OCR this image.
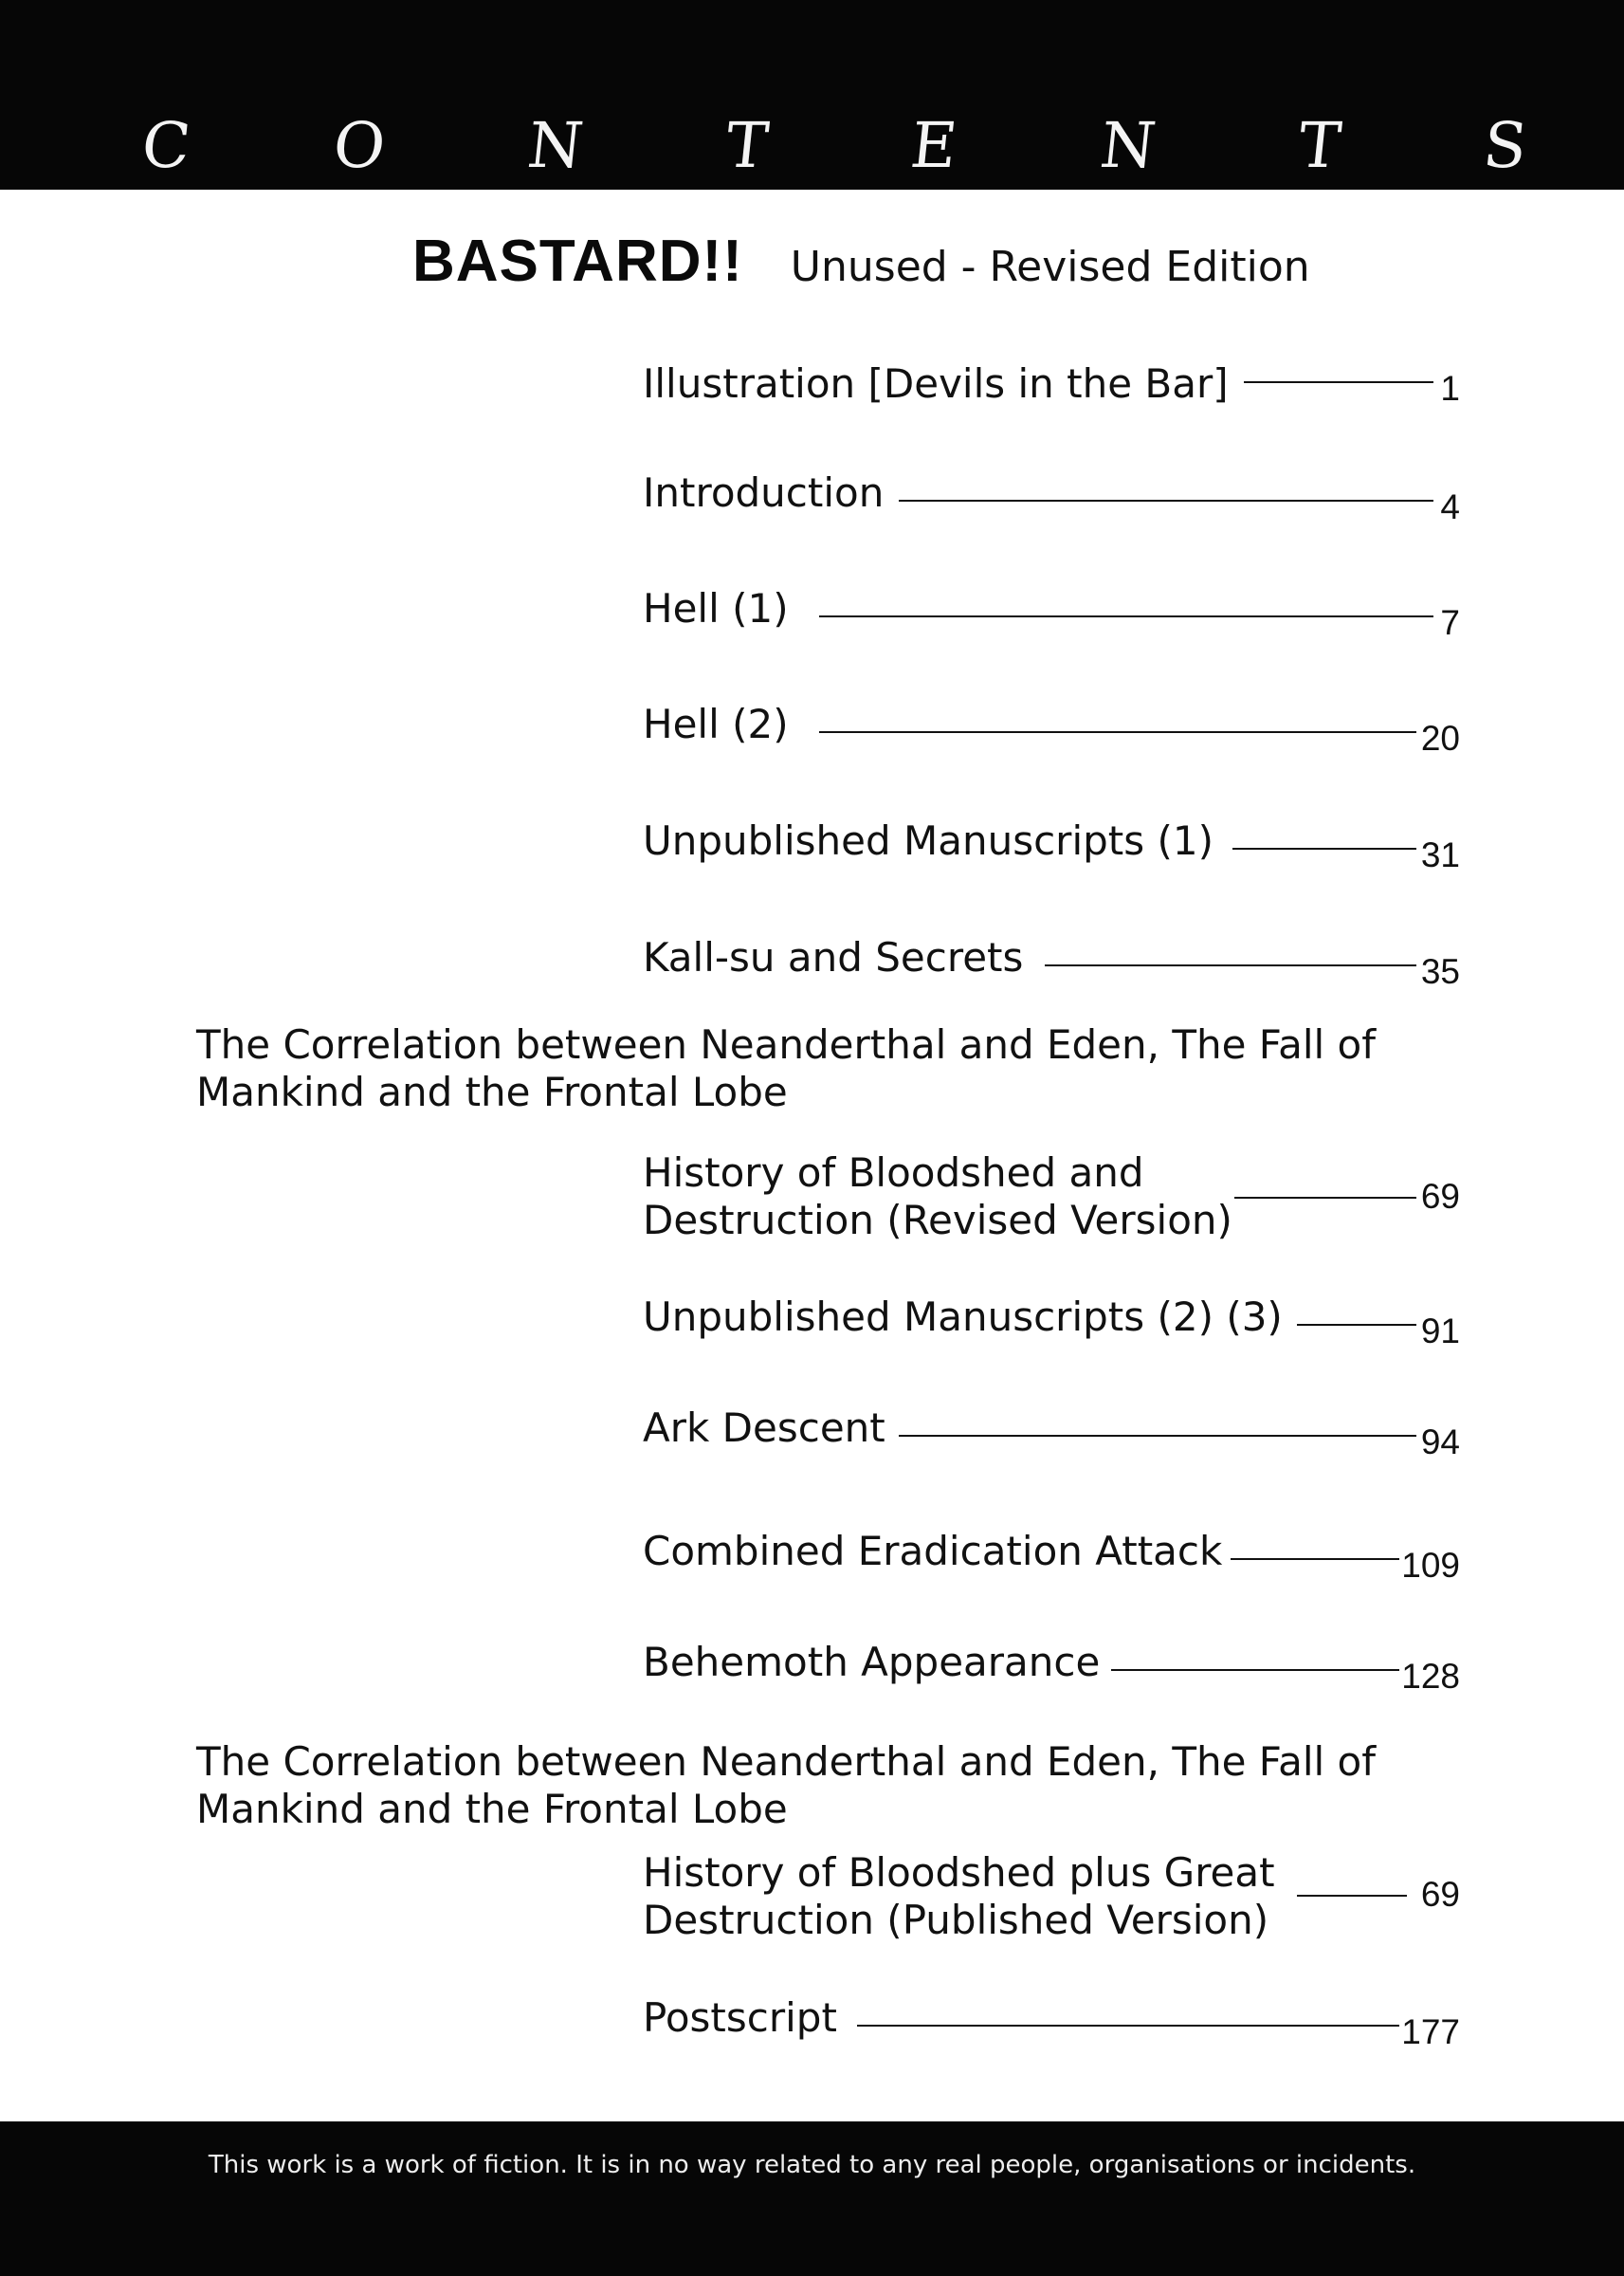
C O N T E N T S
BASTARD!! Unused - Revised Edition
Illustration [Devils in the Bar]	1
Introduction	4
Hell (1)	7
Hell (2)	20
Unpublished Manuscripts (1)	31
Kall-su and Secrets	35
The Correlation between Neanderthal and Eden, The Fall of
Mankind and the Frontal Lobe
History of Bloodshed and
Destruction (Revised Version)
69
Unpublished Manuscripts (2) (3)	91
Ark Descent	94
Combined Eradication Attack	109
Behemoth Appearance	128
The Correlation between Neanderthal and Eden, The Fall of
Mankind and the Frontal Lobe
History of Bloodshed plus Great
Destruction (Published Version)
69
Postscript	177
This work is a work of fiction. It is in no way related to any real people, organisations or incidents.
